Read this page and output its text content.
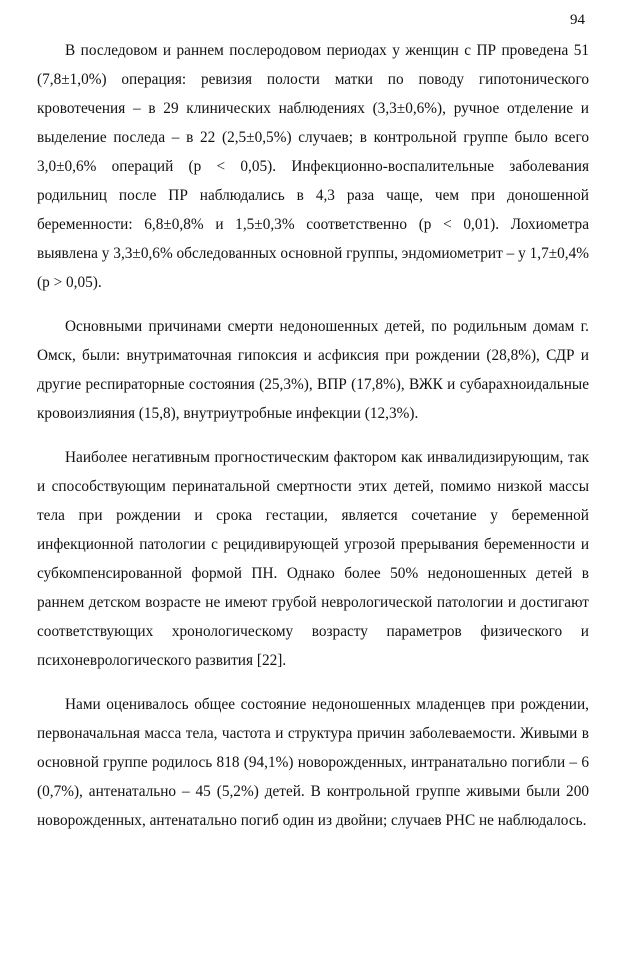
94

В последовом и раннем послеродовом периодах у женщин с ПР проведена 51 (7,8±1,0%) операция: ревизия полости матки по поводу гипотонического кровотечения – в 29 клинических наблюдениях (3,3±0,6%), ручное отделение и выделение последа – в 22 (2,5±0,5%) случаев; в контрольной группе было всего 3,0±0,6% операций (p < 0,05). Инфекционно-воспалительные заболевания родильниц после ПР наблюдались в 4,3 раза чаще, чем при доношенной беременности: 6,8±0,8% и 1,5±0,3% соответственно (p < 0,01). Лохиометра выявлена у 3,3±0,6% обследованных основной группы, эндомиометрит – у 1,7±0,4% (p > 0,05).

Основными причинами смерти недоношенных детей, по родильным домам г. Омск, были: внутриматочная гипоксия и асфиксия при рождении (28,8%), СДР и другие респираторные состояния (25,3%), ВПР (17,8%), ВЖК и субарахноидальные кровоизлияния (15,8), внутриутробные инфекции (12,3%).

Наиболее негативным прогностическим фактором как инвалидизирующим, так и способствующим перинатальной смертности этих детей, помимо низкой массы тела при рождении и срока гестации, является сочетание у беременной инфекционной патологии с рецидивирующей угрозой прерывания беременности и субкомпенсированной формой ПН. Однако более 50% недоношенных детей в раннем детском возрасте не имеют грубой неврологической патологии и достигают соответствующих хронологическому возрасту параметров физического и психоневрологического развития [22].

Нами оценивалось общее состояние недоношенных младенцев при рождении, первоначальная масса тела, частота и структура причин заболеваемости. Живыми в основной группе родилось 818 (94,1%) новорожденных, интранатально погибли – 6 (0,7%), антенатально – 45 (5,2%) детей. В контрольной группе живыми были 200 новорожденных, антенатально погиб один из двойни; случаев РНС не наблюдалось.
